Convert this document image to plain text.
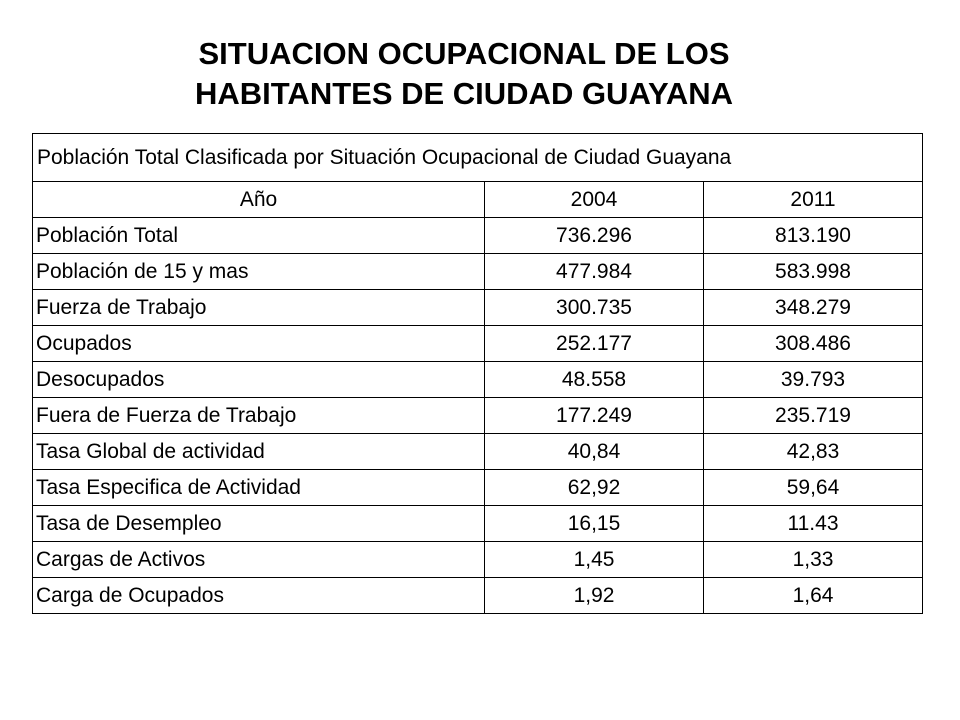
SITUACION OCUPACIONAL DE LOS
HABITANTES DE CIUDAD GUAYANA
Población Total Clasificada por Situación Ocupacional de Ciudad Guayana		
Año	2004	2011
Población Total	736.296	813.190
Población de 15 y mas	477.984	583.998
Fuerza de Trabajo	300.735	348.279
Ocupados	252.177	308.486
Desocupados	48.558	39.793
Fuera de Fuerza de Trabajo	177.249	235.719
Tasa Global de actividad	40,84	42,83
Tasa Especifica de Actividad	62,92	59,64
Tasa de Desempleo	16,15	11.43
Cargas de Activos	1,45	1,33
Carga de Ocupados	1,92	1,64
